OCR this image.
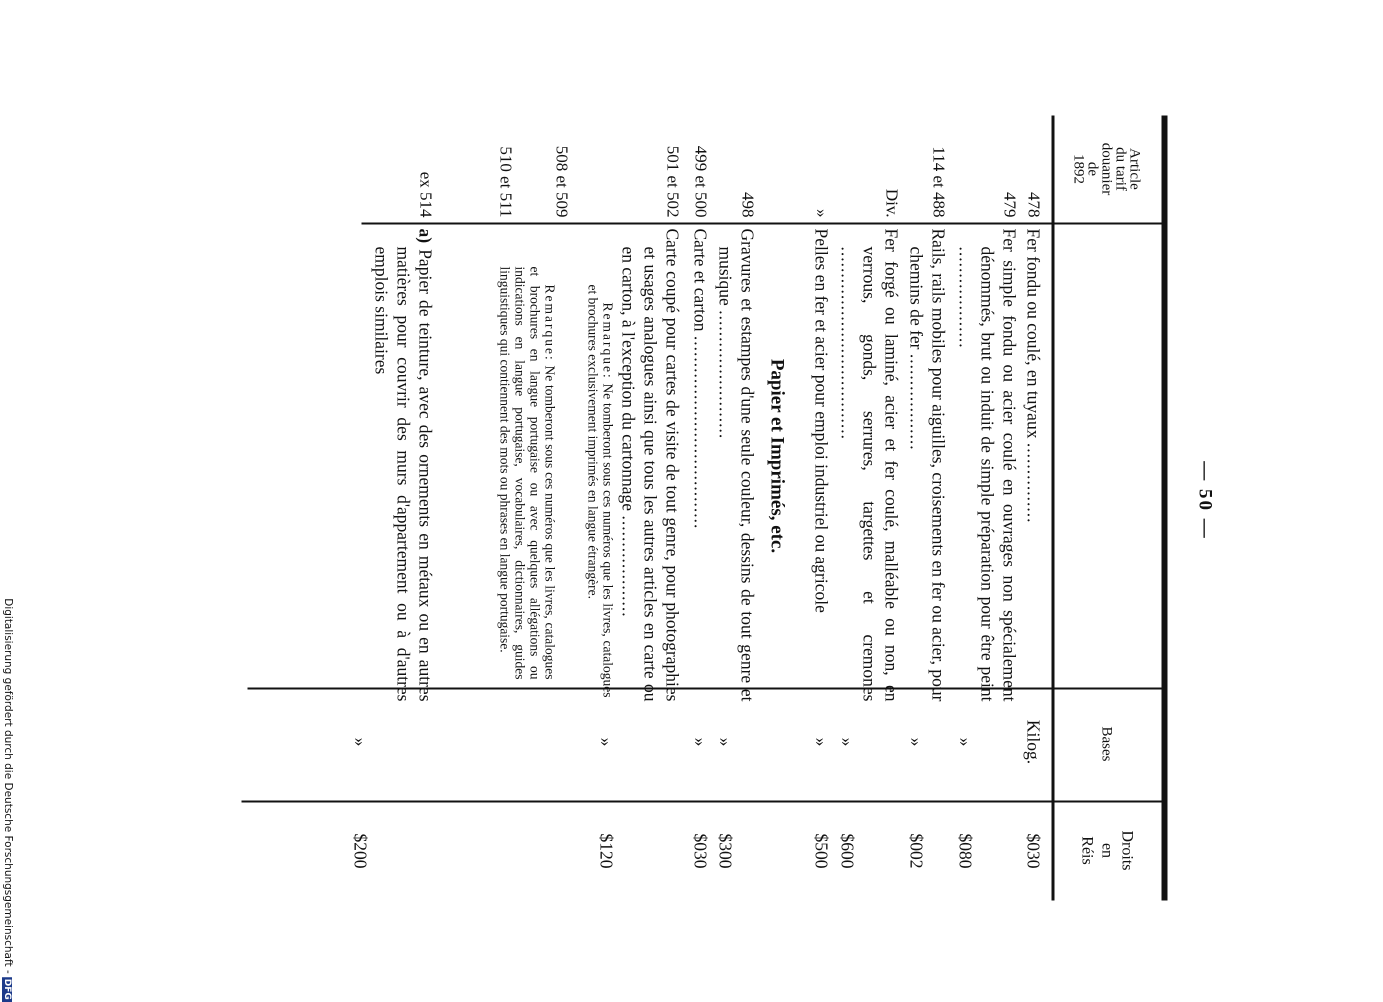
— 50 —
Article
du tarif
douanier
de
1892
Bases
Droits
en
Réis
478
Fer fondu ou coulé, en tuyaux ...............
Kilog.
$030
479
Fer simple fondu ou acier coulé en ouvrages non spécialement dénommés, brut ou induit de simple préparation pour être peint ...................
»
$080
114 et 488
Rails, rails mobiles pour aiguilles, croisements en fer ou acier, pour chemins de fer ..................
»
$002
Div.
Fer forgé ou laminé, acier et fer coulé, malléable ou non, en verrous, gonds, serrures, targettes et cremones ....................................
»
$600
»
Pelles en fer et acier pour emploi industriel ou agricole
»
$500
Papier et Imprimés, etc.
498
Gravures et estampes d'une seule couleur, dessins de tout genre et musique ........................
»
$300
499 et 500
Carte et carton ....................................
»
$030
501 et 502
Carte coupé pour cartes de visite de tout genre, pour photographies et usages analogues ainsi que tous les autres articles en carte ou en carton, à l'exception du cartonnage ...................
Remarque: Ne tomberont sous ces numéros que les livres, catalogues et brochures exclusivement imprimés en langue étrangère.
»
$120
508 et 509
Remarque: Ne tomberont sous ces numéros que les livres, catalogues et brochures en langue portugaise ou avec quelques allégations ou indications en langue portugaise, vocabulaires, dictionnaires, guides linguistiques qui contiennent des mots ou phrases en langue portugaise.
510 et 511
ex 514
a) Papier de teinture, avec des ornements en métaux ou en autres matières pour couvrir des murs d'appartement ou à d'autres emplois similaires
»
$200
Digitalisierung gefördert durch die Deutsche Forschungsgemeinschaft -DFG
